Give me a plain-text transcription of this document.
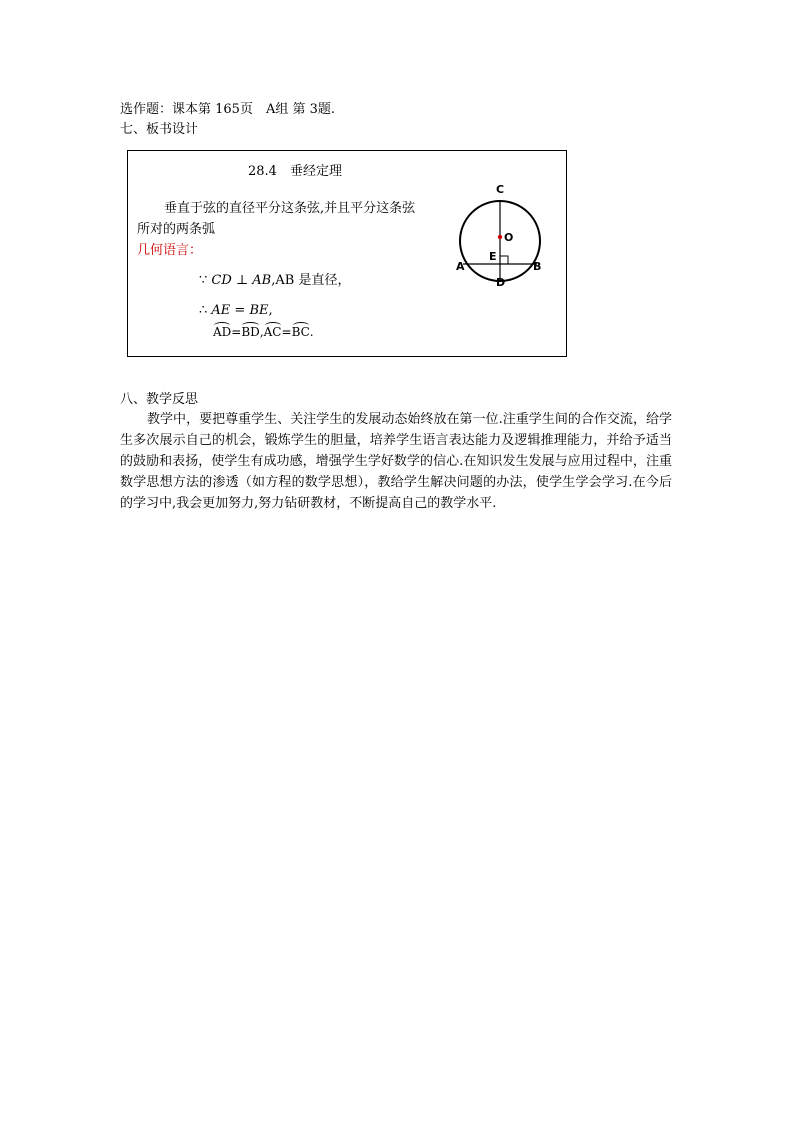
选作题：课本第 165页　A组 第 3题.
七、板书设计
28.4　垂经定理
垂直于弦的直径平分这条弦,并且平分这条弦
所对的两条弧
几何语言：
∵ CD ⊥ AB,AB 是直径，
∴ AE = BE,
AD=BD,AC=BC.
C
O
E
A	B
D
八、教学反思
教学中，要把尊重学生、关注学生的发展动态始终放在第一位.注重学生间的合作交流，给学生多次展示自己的机会，锻炼学生的胆量，培养学生语言表达能力及逻辑推理能力，并给予适当的鼓励和表扬，使学生有成功感，增强学生学好数学的信心.在知识发生发展与应用过程中，注重数学思想方法的渗透（如方程的数学思想），教给学生解决问题的办法，使学生学会学习.在今后的学习中,我会更加努力,努力钻研教材，不断提高自己的教学水平.
